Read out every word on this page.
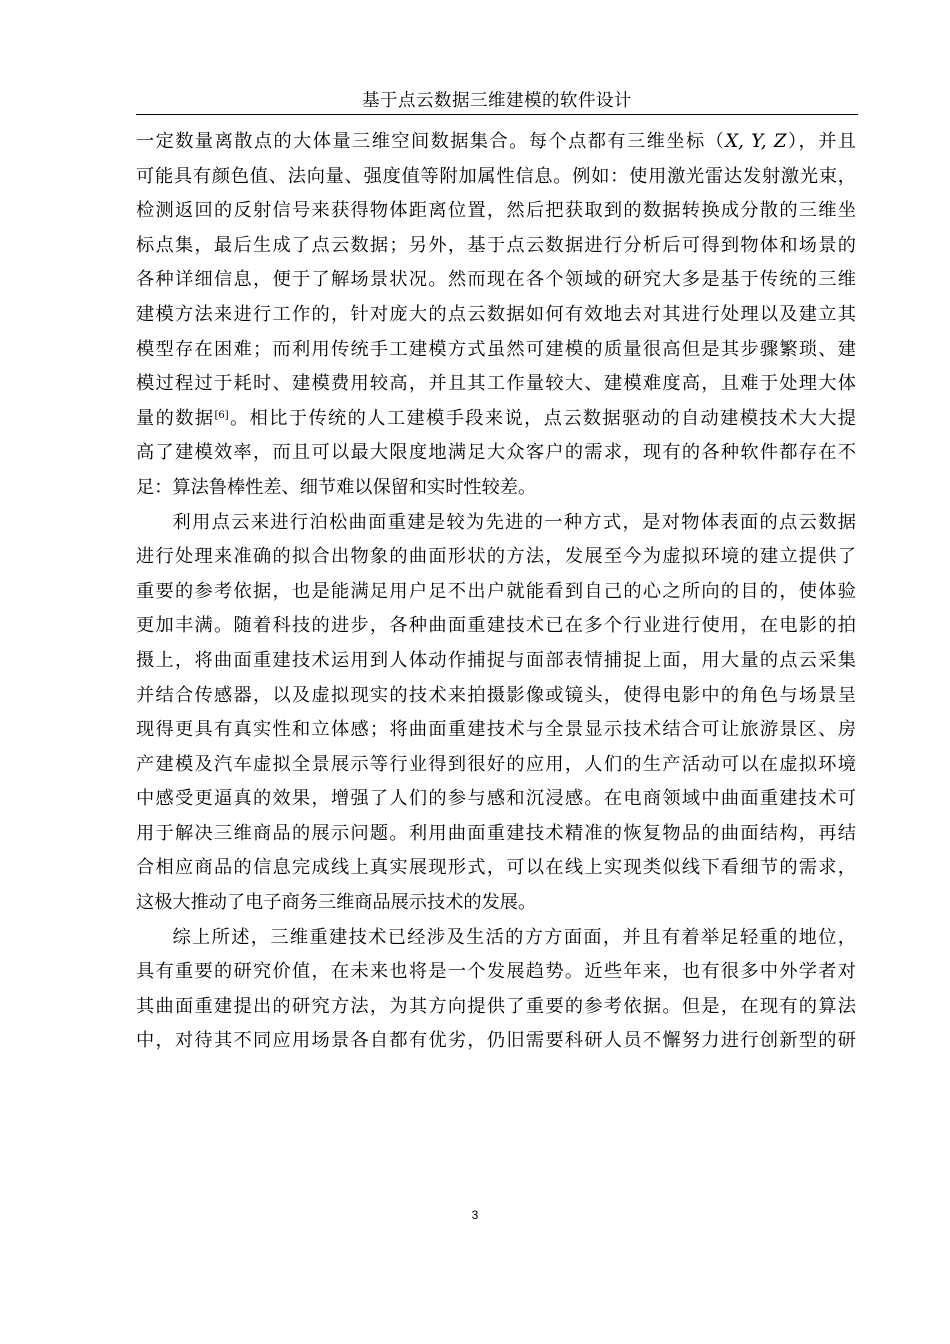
基于点云数据三维建模的软件设计
一定数量离散点的大体量三维空间数据集合。每个点都有三维坐标（X, Y, Z），并且
可能具有颜色值、法向量、强度值等附加属性信息。例如：使用激光雷达发射激光束，
检测返回的反射信号来获得物体距离位置，然后把获取到的数据转换成分散的三维坐
标点集，最后生成了点云数据；另外，基于点云数据进行分析后可得到物体和场景的
各种详细信息，便于了解场景状况。然而现在各个领域的研究大多是基于传统的三维
建模方法来进行工作的，针对庞大的点云数据如何有效地去对其进行处理以及建立其
模型存在困难；而利用传统手工建模方式虽然可建模的质量很高但是其步骤繁琐、建
模过程过于耗时、建模费用较高，并且其工作量较大、建模难度高，且难于处理大体
量的数据[6]。相比于传统的人工建模手段来说，点云数据驱动的自动建模技术大大提
高了建模效率，而且可以最大限度地满足大众客户的需求，现有的各种软件都存在不
足：算法鲁棒性差、细节难以保留和实时性较差。
利用点云来进行泊松曲面重建是较为先进的一种方式，是对物体表面的点云数据
进行处理来准确的拟合出物象的曲面形状的方法，发展至今为虚拟环境的建立提供了
重要的参考依据，也是能满足用户足不出户就能看到自己的心之所向的目的，使体验
更加丰满。随着科技的进步，各种曲面重建技术已在多个行业进行使用，在电影的拍
摄上，将曲面重建技术运用到人体动作捕捉与面部表情捕捉上面，用大量的点云采集
并结合传感器，以及虚拟现实的技术来拍摄影像或镜头，使得电影中的角色与场景呈
现得更具有真实性和立体感；将曲面重建技术与全景显示技术结合可让旅游景区、房
产建模及汽车虚拟全景展示等行业得到很好的应用，人们的生产活动可以在虚拟环境
中感受更逼真的效果，增强了人们的参与感和沉浸感。在电商领域中曲面重建技术可
用于解决三维商品的展示问题。利用曲面重建技术精准的恢复物品的曲面结构，再结
合相应商品的信息完成线上真实展现形式，可以在线上实现类似线下看细节的需求，
这极大推动了电子商务三维商品展示技术的发展。
综上所述，三维重建技术已经涉及生活的方方面面，并且有着举足轻重的地位，
具有重要的研究价值，在未来也将是一个发展趋势。近些年来，也有很多中外学者对
其曲面重建提出的研究方法，为其方向提供了重要的参考依据。但是，在现有的算法
中，对待其不同应用场景各自都有优劣，仍旧需要科研人员不懈努力进行创新型的研
3
